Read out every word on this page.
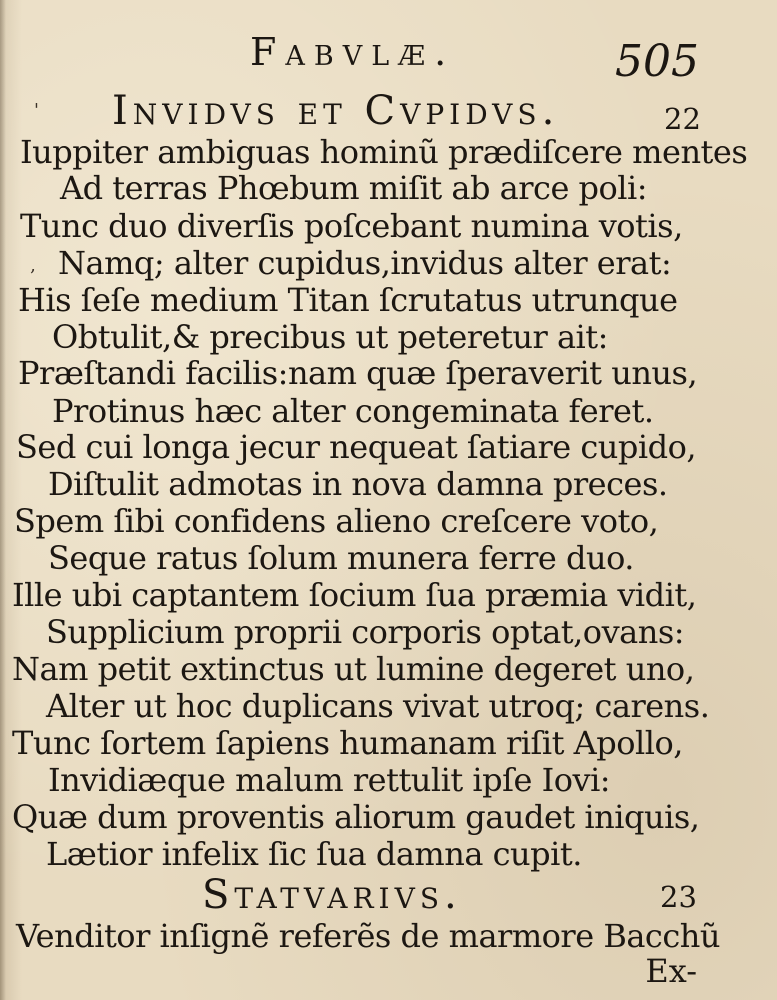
Fabvlæ.	505
'
‚
Invidvs et Cvpidvs.	22
Iuppiter ambiguas hominũ prædiſcere mentes
Ad terras Phœbum miſit ab arce poli:
Tunc duo diverſis poſcebant numina votis,
Namq; alter cupidus,invidus alter erat:
His ſeſe medium Titan ſcrutatus utrunque
Obtulit,& precibus ut peteretur ait:
Præſtandi facilis:nam quæ ſperaverit unus,
Protinus hæc alter congeminata feret.
Sed cui longa jecur nequeat ſatiare cupido,
Diſtulit admotas in nova damna preces.
Spem ſibi confidens alieno creſcere voto,
Seque ratus ſolum munera ferre duo.
Ille ubi captantem ſocium ſua præmia vidit,
Supplicium proprii corporis optat,ovans:
Nam petit extinctus ut lumine degeret uno,
Alter ut hoc duplicans vivat utroq; carens.
Tunc ſortem ſapiens humanam riſit Apollo,
Invidiæque malum rettulit ipſe Iovi:
Quæ dum proventis aliorum gaudet iniquis,
Lætior infelix ſic ſua damna cupit.
Statvarivs.	23
Venditor inſignẽ referẽs de marmore Bacchũ
Ex-
